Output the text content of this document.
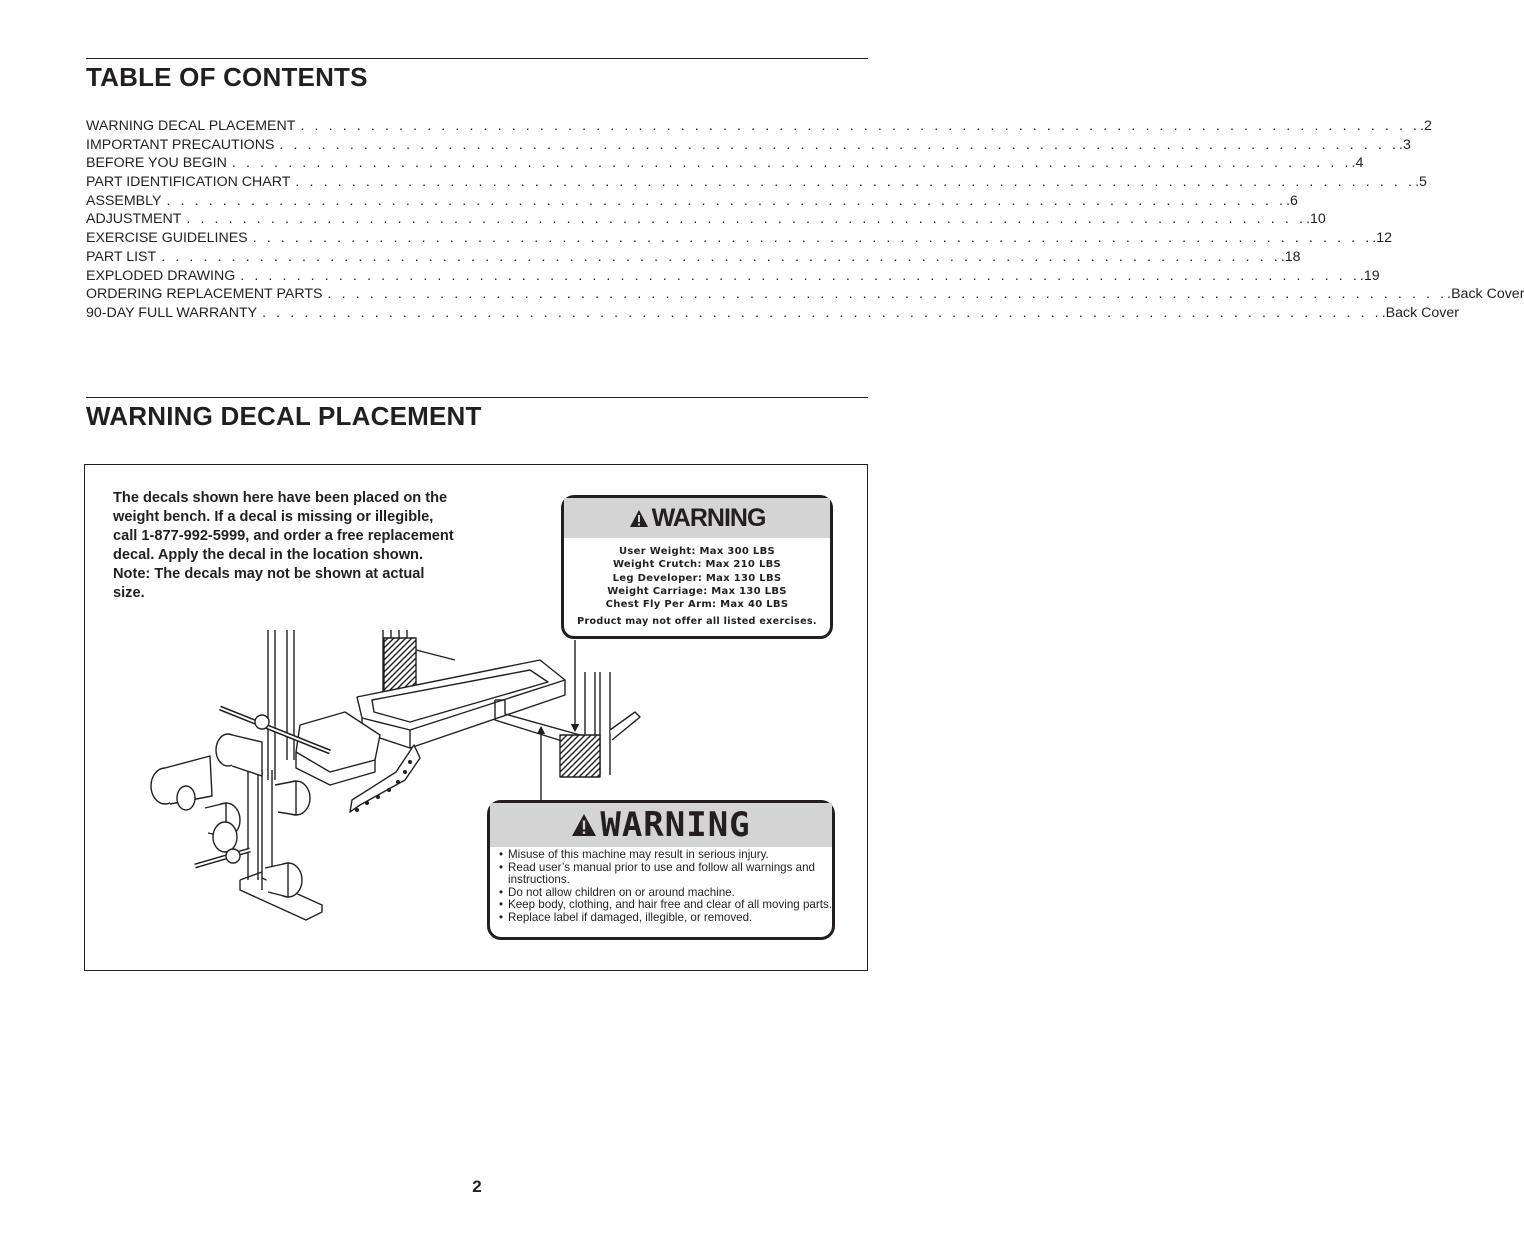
TABLE OF CONTENTS
WARNING DECAL PLACEMENT . . . . . . . . . . . . . . . . . . . . . . . . . . . . . . . . . . . . . . . . . . . . . . . . . . . . . . . . . . . . . . . . . . . . . . . . . . . . . . . . .2
IMPORTANT PRECAUTIONS . . . . . . . . . . . . . . . . . . . . . . . . . . . . . . . . . . . . . . . . . . . . . . . . . . . . . . . . . . . . . . . . . . . . . . . . . . . . . . . . .3
BEFORE YOU BEGIN . . . . . . . . . . . . . . . . . . . . . . . . . . . . . . . . . . . . . . . . . . . . . . . . . . . . . . . . . . . . . . . . . . . . . . . . . . . . . . . . .4
PART IDENTIFICATION CHART . . . . . . . . . . . . . . . . . . . . . . . . . . . . . . . . . . . . . . . . . . . . . . . . . . . . . . . . . . . . . . . . . . . . . . . . . . . . . . . . .5
ASSEMBLY . . . . . . . . . . . . . . . . . . . . . . . . . . . . . . . . . . . . . . . . . . . . . . . . . . . . . . . . . . . . . . . . . . . . . . . . . . . . . . . . .6
ADJUSTMENT . . . . . . . . . . . . . . . . . . . . . . . . . . . . . . . . . . . . . . . . . . . . . . . . . . . . . . . . . . . . . . . . . . . . . . . . . . . . . . . . .10
EXERCISE GUIDELINES . . . . . . . . . . . . . . . . . . . . . . . . . . . . . . . . . . . . . . . . . . . . . . . . . . . . . . . . . . . . . . . . . . . . . . . . . . . . . . . . .12
PART LIST . . . . . . . . . . . . . . . . . . . . . . . . . . . . . . . . . . . . . . . . . . . . . . . . . . . . . . . . . . . . . . . . . . . . . . . . . . . . . . . . .18
EXPLODED DRAWING . . . . . . . . . . . . . . . . . . . . . . . . . . . . . . . . . . . . . . . . . . . . . . . . . . . . . . . . . . . . . . . . . . . . . . . . . . . . . . . . .19
ORDERING REPLACEMENT PARTS . . . . . . . . . . . . . . . . . . . . . . . . . . . . . . . . . . . . . . . . . . . . . . . . . . . . . . . . . . . . . . . . . . . . . . . . . . . . . . . . .Back Cover
90-DAY FULL WARRANTY . . . . . . . . . . . . . . . . . . . . . . . . . . . . . . . . . . . . . . . . . . . . . . . . . . . . . . . . . . . . . . . . . . . . . . . . . . . . . . . . .Back Cover
WARNING DECAL PLACEMENT

The decals shown here have been placed on the weight bench. If a decal is missing or illegible, call 1-877-992-5999, and order a free replacement decal. Apply the decal in the location shown. Note: The decals may not be shown at actual size.

WARNING
User Weight: Max 300 LBS
Weight Crutch: Max 210 LBS
Leg Developer: Max 130 LBS
Weight Carriage: Max 130 LBS
Chest Fly Per Arm: Max 40 LBS
Product may not offer all listed exercises.
WARNING
• Misuse of this machine may result in serious injury.
• Read user’s manual prior to use and follow all warnings and instructions.
• Do not allow children on or around machine.
• Keep body, clothing, and hair free and clear of all moving parts.
• Replace label if damaged, illegible, or removed.

2
